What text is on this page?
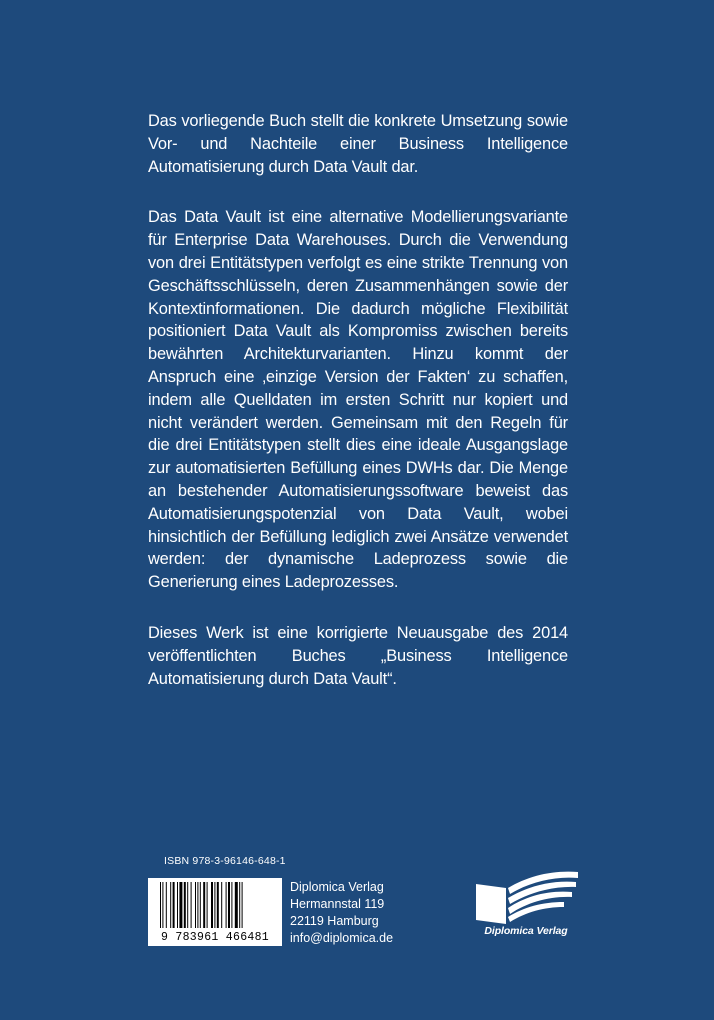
Das vorliegende Buch stellt die konkrete Umsetzung sowie Vor- und Nachteile einer Business Intelligence Automatisierung durch Data Vault dar.

Das Data Vault ist eine alternative Modellierungsvariante für Enterprise Data Warehouses. Durch die Verwendung von drei Entitätstypen verfolgt es eine strikte Trennung von Geschäftsschlüsseln, deren Zusammenhängen sowie der Kontextinformationen. Die dadurch mögliche Flexibilität positioniert Data Vault als Kompromiss zwischen bereits bewährten Architekturvarianten. Hinzu kommt der Anspruch eine ‚einzige Version der Fakten‘ zu schaffen, indem alle Quelldaten im ersten Schritt nur kopiert und nicht verändert werden. Gemeinsam mit den Regeln für die drei Entitätstypen stellt dies eine ideale Ausgangslage zur automatisierten Befüllung eines DWHs dar. Die Menge an bestehender Automatisierungssoftware beweist das Automatisierungspotenzial von Data Vault, wobei hinsichtlich der Befüllung lediglich zwei Ansätze verwendet werden: der dynamische Ladeprozess sowie die Generierung eines Ladeprozesses.

Dieses Werk ist eine korrigierte Neuausgabe des 2014 veröffentlichten Buches „Business Intelligence Automatisierung durch Data Vault“.

ISBN 978-3-96146-648-1
9 783961 466481
Diplomica Verlag
Hermannstal 119
22119 Hamburg
info@diplomica.de	Diplomica Verlag
